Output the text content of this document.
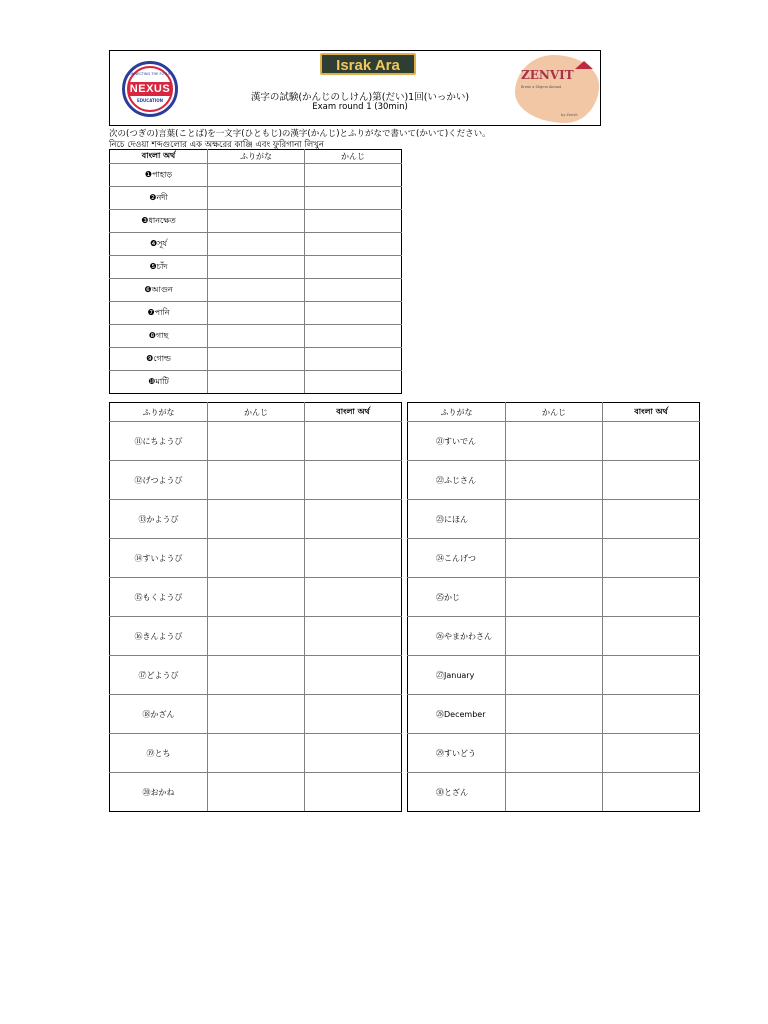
CONNECTING THE FUTURE
NEXUS
EDUCATION
Israk Ara
漢字の試験(かんじのしけん)第(だい)1回(いっかい)
Exam round 1 (30min)
ZENVIT
Break a Stigma Abroad
by Zenvit
次の(つぎの)言葉(ことば)を一文字(ひともじ)の漢字(かんじ)とふりがなで書いて(かいて)ください。
নিচে দেওয়া শব্দগুলোর এক অক্ষরের কাঞ্জি এবং ফুরিগানা লিখুন
বাংলা অর্থ	ふりがな	かんじ
❶পাহাড়		
❷নদী		
❸ধানক্ষেত		
❹সূর্য		
❺চাঁদ		
❻আগুন		
❼পানি		
❽গাছ		
❾গোল্ড		
❿মাটি		
ふりがな	かんじ	বাংলা অর্থ
⑪にちようび		
⑫げつようび		
⑬かようび		
⑭すいようび		
⑮もくようび		
⑯きんようび		
⑰どようび		
⑱かざん		
⑲とち		
⑳おかね		
ふりがな	かんじ	বাংলা অর্থ
㉑すいでん		
㉒ふじさん		
㉓にほん		
㉔こんげつ		
㉕かじ		
㉖やまかわさん		
㉗January		
㉘December		
㉙すいどう		
㉚とざん		
